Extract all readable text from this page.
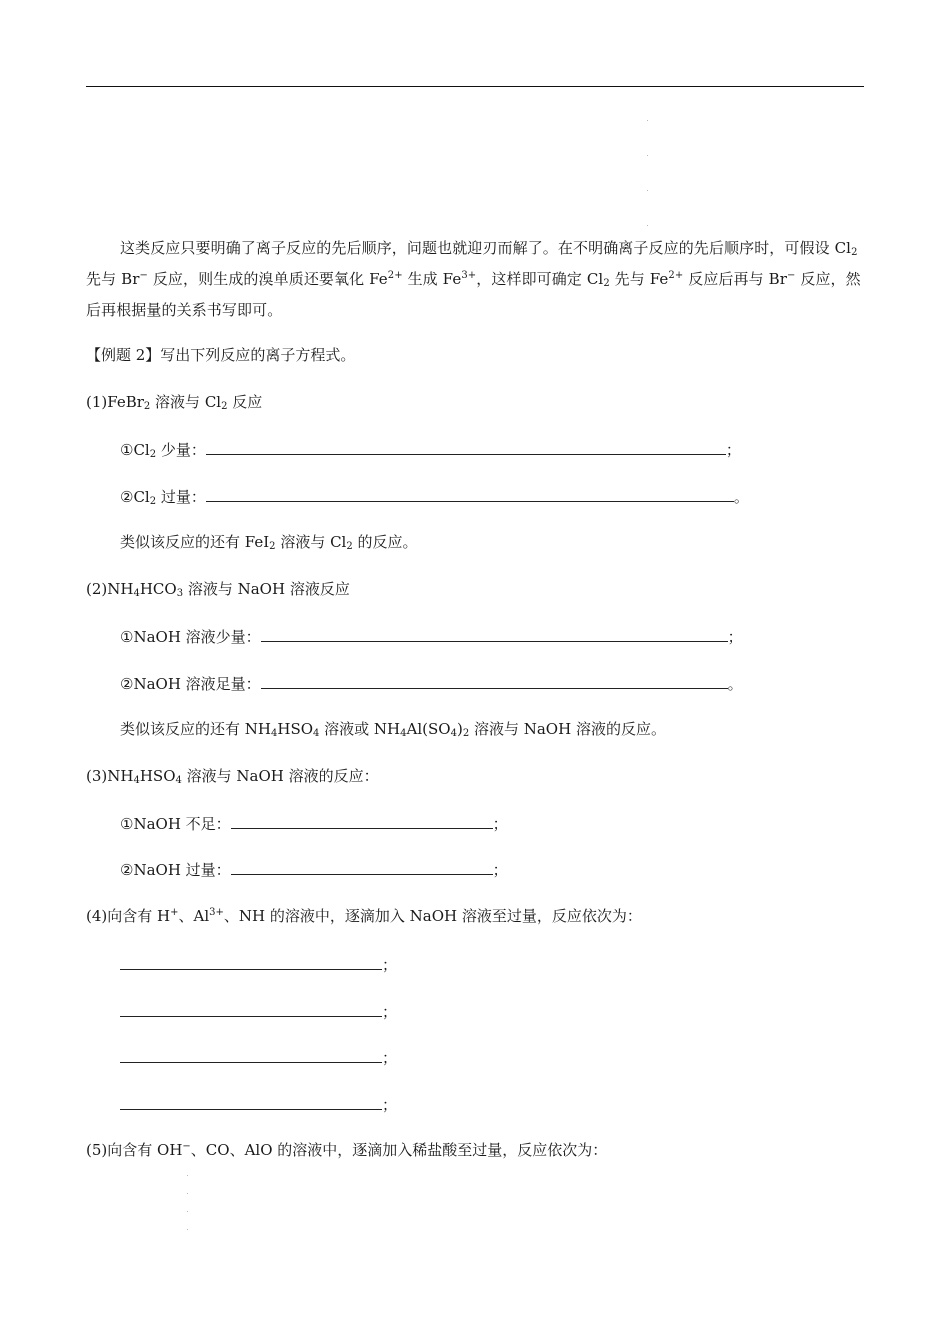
这类反应只要明确了离子反应的先后顺序，问题也就迎刃而解了。在不明确离子反应的先后顺序时，可假设 $Cl_2$ 先与 Br− 反应，则生成的溴单质还要氧化 $Fe^{2+}$ 生成 $Fe^{3+}$，这样即可确定 $Cl_2$ 先与 $Fe^{2+}$ 反应后再与 Br− 反应，然后再根据量的关系书写即可。
【例题 2】写出下列反应的离子方程式。
(1)FeBr$_2$ 溶液与 $Cl_2$ 反应
$①Cl_2$ 少量：	；
$②Cl_2$ 过量：	。
类似该反应的还有 FeI$_2$ 溶液与 $Cl_2$ 的反应。
$(2)NH_4HCO_3$ 溶液与 NaOH 溶液反应
①NaOH 溶液少量：	；
②NaOH 溶液足量：	。
类似该反应的还有 $NH_4HSO_4$ 溶液或 $NH_4Al(SO_4)_2$ 溶液与 NaOH 溶液的反应。
$(3)NH_4HSO_4$ 溶液与 NaOH 溶液的反应：
①NaOH 不足：	；
②NaOH 过量：	；
(4)向含有 H+、$Al^{3+}$、NH 的溶液中，逐滴加入 NaOH 溶液至过量，反应依次为：
；
；
；
；
(5)向含有 OH−、CO、AlO 的溶液中，逐滴加入稀盐酸至过量，反应依次为：
